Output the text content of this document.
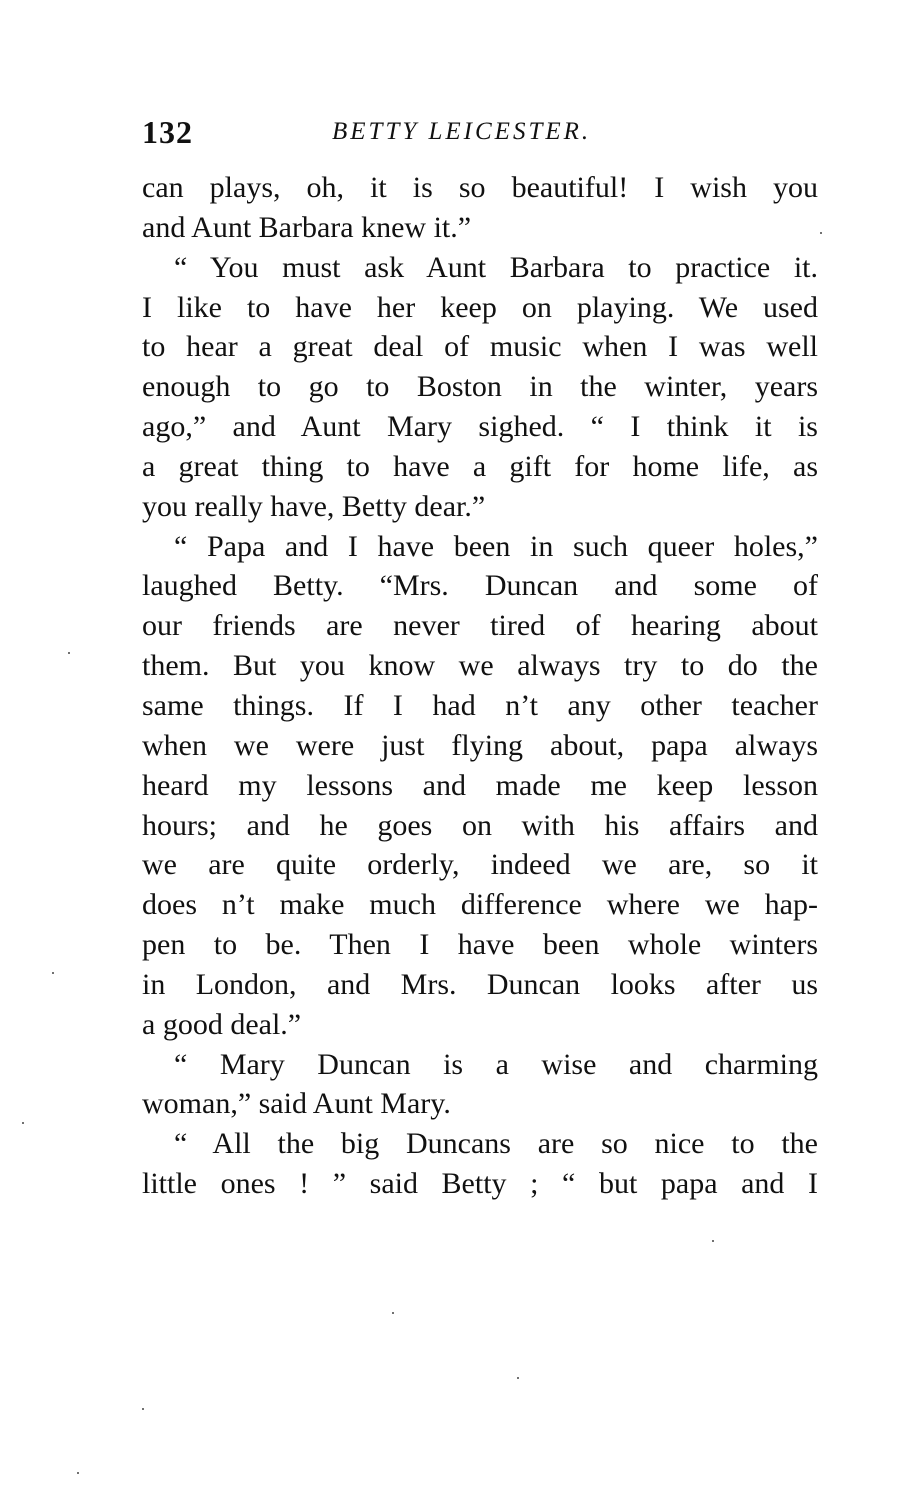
132	BETTY LEICESTER.
can plays, oh, it is so beautiful! I wish you
and Aunt Barbara knew it.”
“ You must ask Aunt Barbara to practice it.
I like to have her keep on playing. We used
to hear a great deal of music when I was well
enough to go to Boston in the winter, years
ago,” and Aunt Mary sighed. “ I think it is
a great thing to have a gift for home life, as
you really have, Betty dear.”
“ Papa and I have been in such queer holes,”
laughed Betty. “Mrs. Duncan and some of
our friends are never tired of hearing about
them. But you know we always try to do the
same things. If I had n’t any other teacher
when we were just flying about, papa always
heard my lessons and made me keep lesson
hours; and he goes on with his affairs and
we are quite orderly, indeed we are, so it
does n’t make much difference where we hap-
pen to be. Then I have been whole winters
in London, and Mrs. Duncan looks after us
a good deal.”
“ Mary Duncan is a wise and charming
woman,” said Aunt Mary.
“ All the big Duncans are so nice to the
little ones ! ” said Betty ; “ but papa and I
